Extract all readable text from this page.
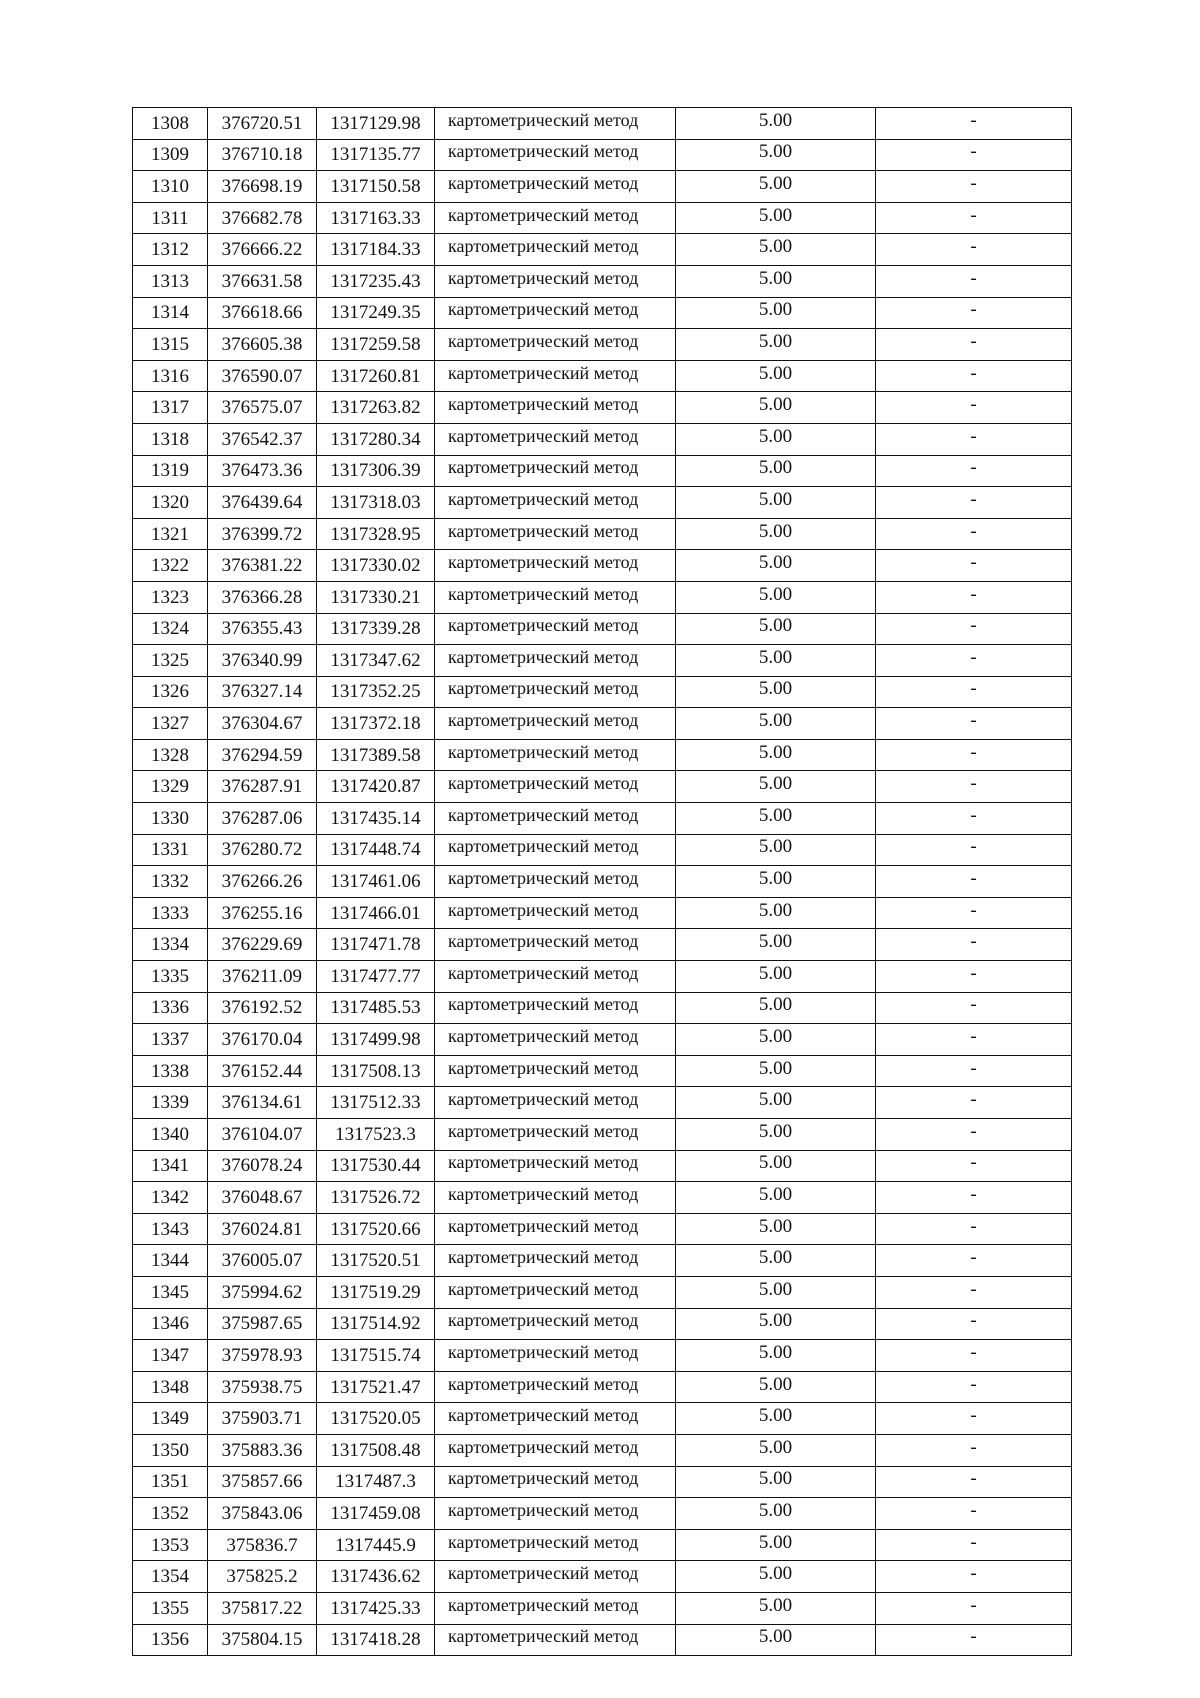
1308	376720.51	1317129.98	картометрический метод	5.00	-
1309	376710.18	1317135.77	картометрический метод	5.00	-
1310	376698.19	1317150.58	картометрический метод	5.00	-
1311	376682.78	1317163.33	картометрический метод	5.00	-
1312	376666.22	1317184.33	картометрический метод	5.00	-
1313	376631.58	1317235.43	картометрический метод	5.00	-
1314	376618.66	1317249.35	картометрический метод	5.00	-
1315	376605.38	1317259.58	картометрический метод	5.00	-
1316	376590.07	1317260.81	картометрический метод	5.00	-
1317	376575.07	1317263.82	картометрический метод	5.00	-
1318	376542.37	1317280.34	картометрический метод	5.00	-
1319	376473.36	1317306.39	картометрический метод	5.00	-
1320	376439.64	1317318.03	картометрический метод	5.00	-
1321	376399.72	1317328.95	картометрический метод	5.00	-
1322	376381.22	1317330.02	картометрический метод	5.00	-
1323	376366.28	1317330.21	картометрический метод	5.00	-
1324	376355.43	1317339.28	картометрический метод	5.00	-
1325	376340.99	1317347.62	картометрический метод	5.00	-
1326	376327.14	1317352.25	картометрический метод	5.00	-
1327	376304.67	1317372.18	картометрический метод	5.00	-
1328	376294.59	1317389.58	картометрический метод	5.00	-
1329	376287.91	1317420.87	картометрический метод	5.00	-
1330	376287.06	1317435.14	картометрический метод	5.00	-
1331	376280.72	1317448.74	картометрический метод	5.00	-
1332	376266.26	1317461.06	картометрический метод	5.00	-
1333	376255.16	1317466.01	картометрический метод	5.00	-
1334	376229.69	1317471.78	картометрический метод	5.00	-
1335	376211.09	1317477.77	картометрический метод	5.00	-
1336	376192.52	1317485.53	картометрический метод	5.00	-
1337	376170.04	1317499.98	картометрический метод	5.00	-
1338	376152.44	1317508.13	картометрический метод	5.00	-
1339	376134.61	1317512.33	картометрический метод	5.00	-
1340	376104.07	1317523.3	картометрический метод	5.00	-
1341	376078.24	1317530.44	картометрический метод	5.00	-
1342	376048.67	1317526.72	картометрический метод	5.00	-
1343	376024.81	1317520.66	картометрический метод	5.00	-
1344	376005.07	1317520.51	картометрический метод	5.00	-
1345	375994.62	1317519.29	картометрический метод	5.00	-
1346	375987.65	1317514.92	картометрический метод	5.00	-
1347	375978.93	1317515.74	картометрический метод	5.00	-
1348	375938.75	1317521.47	картометрический метод	5.00	-
1349	375903.71	1317520.05	картометрический метод	5.00	-
1350	375883.36	1317508.48	картометрический метод	5.00	-
1351	375857.66	1317487.3	картометрический метод	5.00	-
1352	375843.06	1317459.08	картометрический метод	5.00	-
1353	375836.7	1317445.9	картометрический метод	5.00	-
1354	375825.2	1317436.62	картометрический метод	5.00	-
1355	375817.22	1317425.33	картометрический метод	5.00	-
1356	375804.15	1317418.28	картометрический метод	5.00	-
